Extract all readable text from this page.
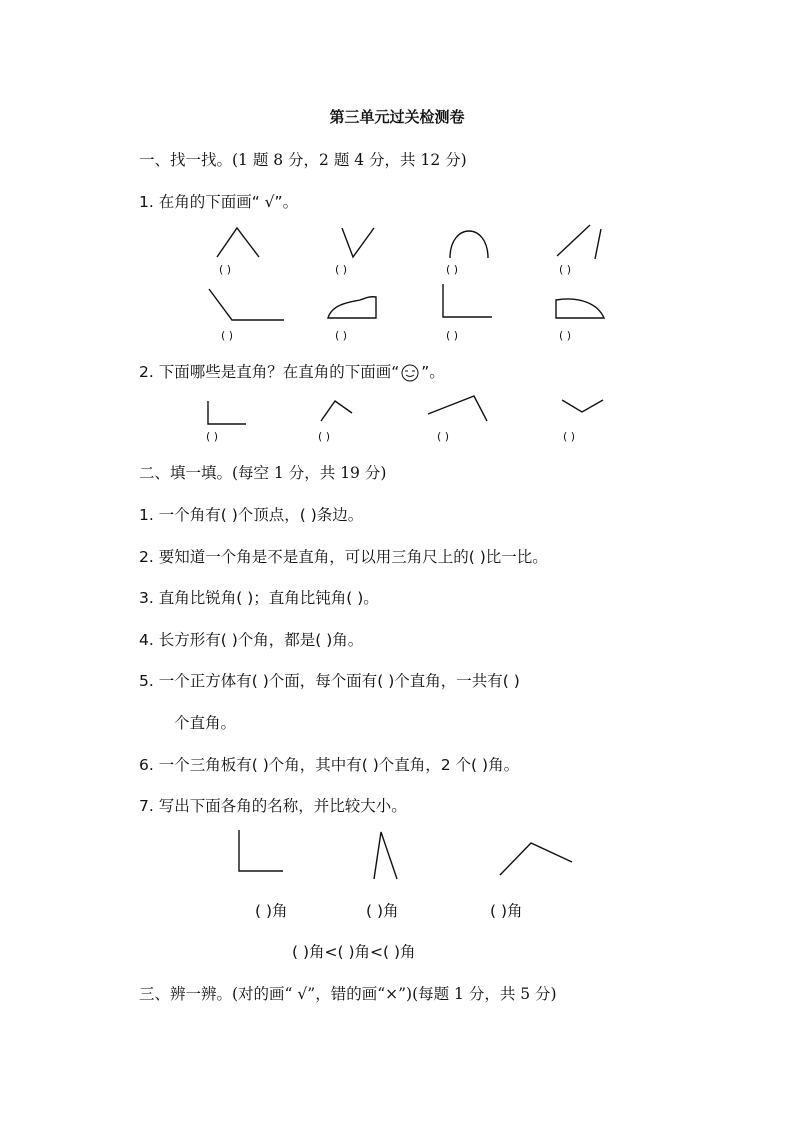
第三单元过关检测卷
一、找一找。(1 题 8 分，2 题 4 分，共 12 分)
1. 在角的下面画“ √”。
( )	( )	( )	( )
( )	( )	( )	( )
2. 下面哪些是直角？在直角的下面画“ ”。
( )	( )	( )	( )
二、填一填。(每空 1 分，共 19 分)
1. 一个角有( )个顶点，( )条边。
2. 要知道一个角是不是直角，可以用三角尺上的( )比一比。
3. 直角比锐角( )；直角比钝角( )。
4. 长方形有( )个角，都是( )角。
5. 一个正方体有( )个面，每个面有( )个直角，一共有( )
个直角。
6. 一个三角板有( )个角，其中有( )个直角，2 个( )角。
7. 写出下面各角的名称，并比较大小。
( )角	( )角	( )角
( )角<( )角<( )角
三、辨一辨。(对的画“ √”，错的画“×”)(每题 1 分，共 5 分)
